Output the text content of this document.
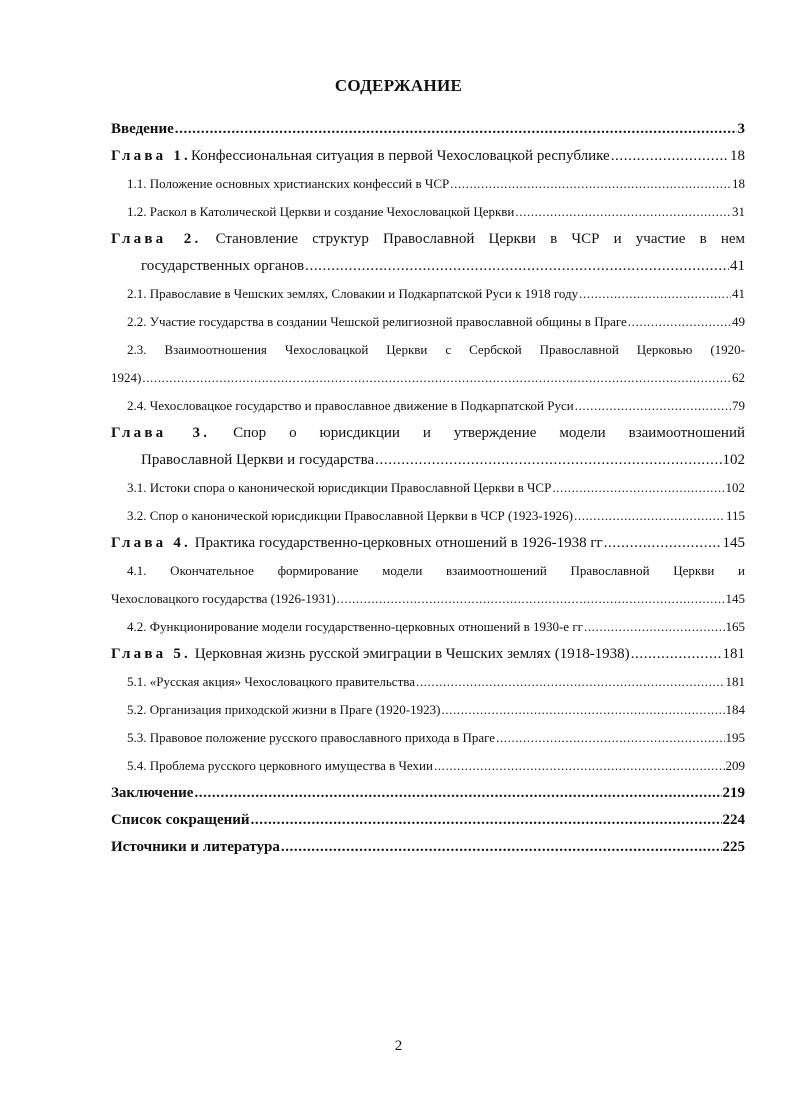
СОДЕРЖАНИЕ
Введение .....	3
Глава 1.Конфессиональная ситуация в первой Чехословацкой республике .....	18
1.1. Положение основных христианских конфессий в ЧСР .....	18
1.2. Раскол в Католической Церкви и создание Чехословацкой Церкви .....	31
Глава 2. Становление структур Православной Церкви в ЧСР и участие в нем
государственных органов .....	41
2.1. Православие в Чешских землях, Словакии и Подкарпатской Руси к 1918 году .....	41
2.2. Участие государства в создании Чешской религиозной православной общины в Праге .....	49
2.3. Взаимоотношения Чехословацкой Церкви с Сербской Православной Церковью (1920-
1924) .....	62
2.4. Чехословацкое государство и православное движение в Подкарпатской Руси .....	79
Глава 3. Спор о юрисдикции и утверждение модели взаимоотношений
Православной Церкви и государства .....	102
3.1. Истоки спора о канонической юрисдикции Православной Церкви в ЧСР .....	102
3.2. Спор о канонической юрисдикции Православной Церкви в ЧСР (1923-1926) .....	115
Глава 4. Практика государственно-церковных отношений в 1926-1938 гг .....	145
4.1. Окончательное формирование модели взаимоотношений Православной Церкви и
Чехословацкого государства (1926-1931) .....	145
4.2. Функционирование модели государственно-церковных отношений в 1930-е гг .....	165
Глава 5. Церковная жизнь русской эмиграции в Чешских землях (1918-1938) .....	181
5.1. «Русская акция» Чехословацкого правительства .....	181
5.2. Организация приходской жизни в Праге (1920-1923) .....	184
5.3. Правовое положение русского православного прихода в Праге .....	195
5.4. Проблема русского церковного имущества в Чехии .....	209
Заключение .....	219
Список сокращений .....	224
Источники и литература .....	225
2
